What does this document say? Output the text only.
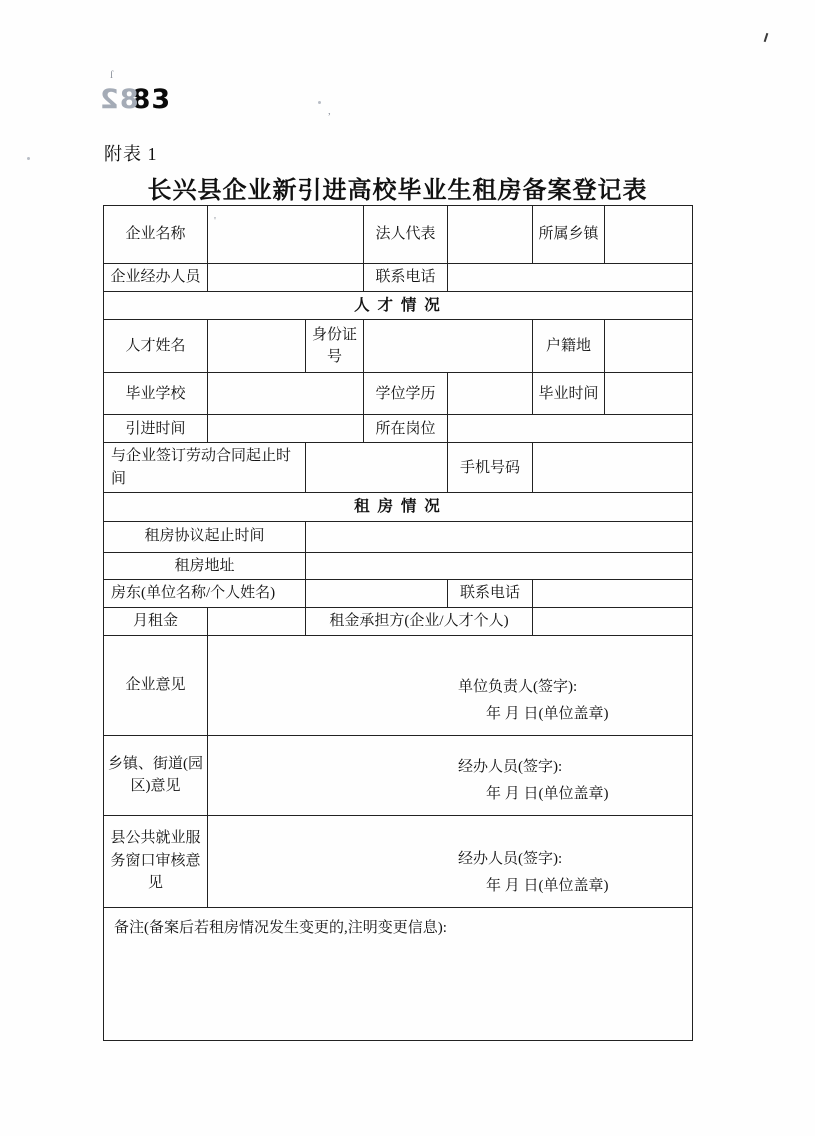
8283
ſ
,
'
附表 1
长兴县企业新引进高校毕业生租房备案登记表
企业名称			法人代表		所属乡镇	
企业经办人员			联系电话			
人 才 情 况						
人才姓名		身份证号			户籍地	
毕业学校			学位学历		毕业时间	
引进时间			所在岗位			
与企业签订劳动合同起止时间				手机号码		
租 房 情 况						
租房协议起止时间						
租房地址						
房东(单位名称/个人姓名)				联系电话		
月租金		租金承担方(企业/人才个人)				
企业意见	单位负责人(签字):
年 月 日(单位盖章)					

乡镇、街道(园区)意见	经办人员(签字):
年 月 日(单位盖章)					

县公共就业服务窗口审核意见	经办人员(签字):
年 月 日(单位盖章)					

备注(备案后若租房情况发生变更的,注明变更信息):						
